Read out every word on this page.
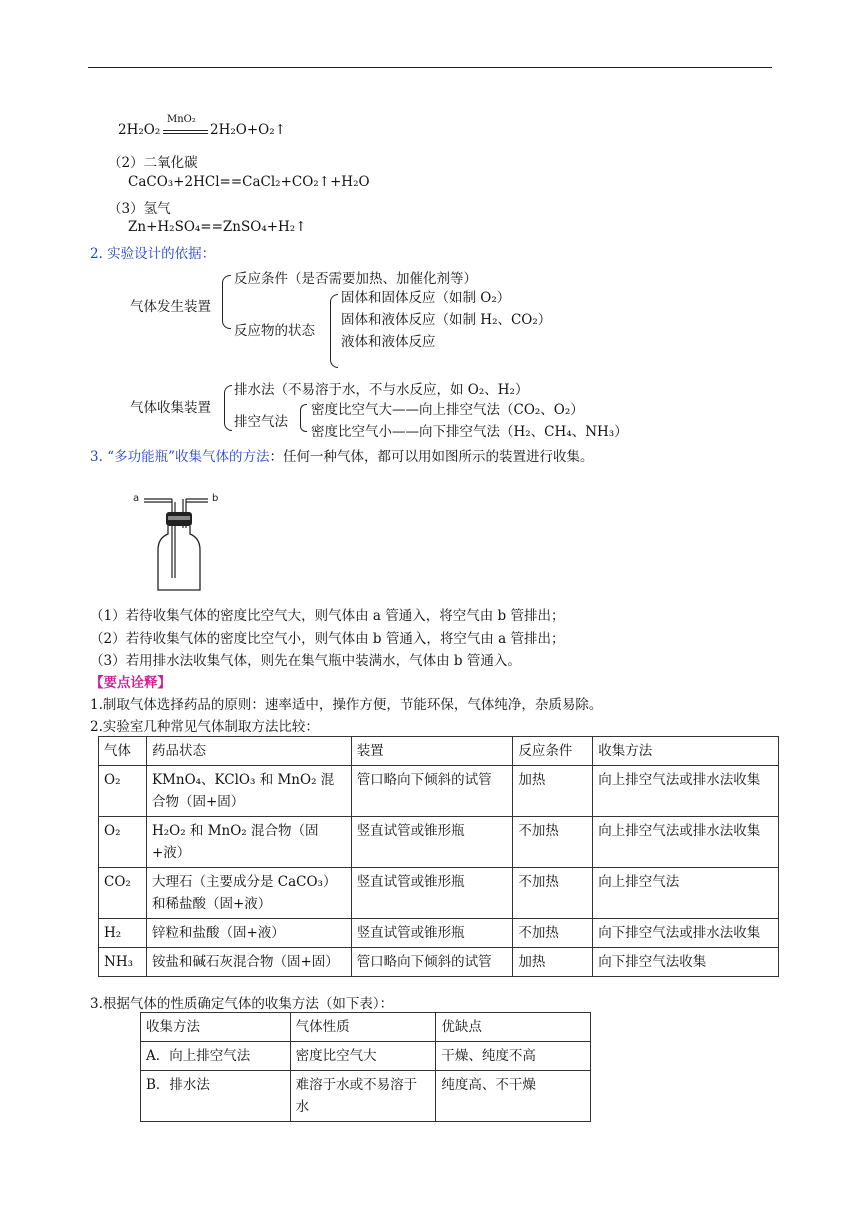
2H₂O₂
MnO₂
2H₂O+O₂↑
（2）二氧化碳
CaCO₃+2HCl==CaCl₂+CO₂↑+H₂O
（3）氢气
Zn+H₂SO₄==ZnSO₄+H₂↑
2. 实验设计的依据：
气体发生装置
反应条件（是否需要加热、加催化剂等）
反应物的状态
固体和固体反应（如制 O₂）
固体和液体反应（如制 H₂、CO₂）
液体和液体反应
气体收集装置
排水法（不易溶于水，不与水反应，如 O₂、H₂）
排空气法
密度比空气大——向上排空气法（CO₂、O₂）
密度比空气小——向下排空气法（H₂、CH₄、NH₃）
3. “多功能瓶”收集气体的方法：任何一种气体，都可以用如图所示的装置进行收集。
a	b
（1）若待收集气体的密度比空气大，则气体由 a 管通入，将空气由 b 管排出；
（2）若待收集气体的密度比空气小，则气体由 b 管通入，将空气由 a 管排出；
（3）若用排水法收集气体，则先在集气瓶中装满水，气体由 b 管通入。
【要点诠释】
1.制取气体选择药品的原则：速率适中，操作方便，节能环保，气体纯净，杂质易除。
2.实验室几种常见气体制取方法比较：
气体	药品状态	装置	反应条件	收集方法
O₂	KMnO₄、KClO₃ 和 MnO₂ 混合物（固+固）	管口略向下倾斜的试管	加热	向上排空气法或排水法收集
O₂	H₂O₂ 和 MnO₂ 混合物（固+液）	竖直试管或锥形瓶	不加热	向上排空气法或排水法收集
CO₂	大理石（主要成分是 CaCO₃）和稀盐酸（固+液）	竖直试管或锥形瓶	不加热	向上排空气法
H₂	锌粒和盐酸（固+液）	竖直试管或锥形瓶	不加热	向下排空气法或排水法收集
NH₃	铵盐和碱石灰混合物（固+固）	管口略向下倾斜的试管	加热	向下排空气法收集
3.根据气体的性质确定气体的收集方法（如下表）：
收集方法	气体性质	优缺点
A．向上排空气法	密度比空气大	干燥、纯度不高
B．排水法	难溶于水或不易溶于水	纯度高、不干燥
